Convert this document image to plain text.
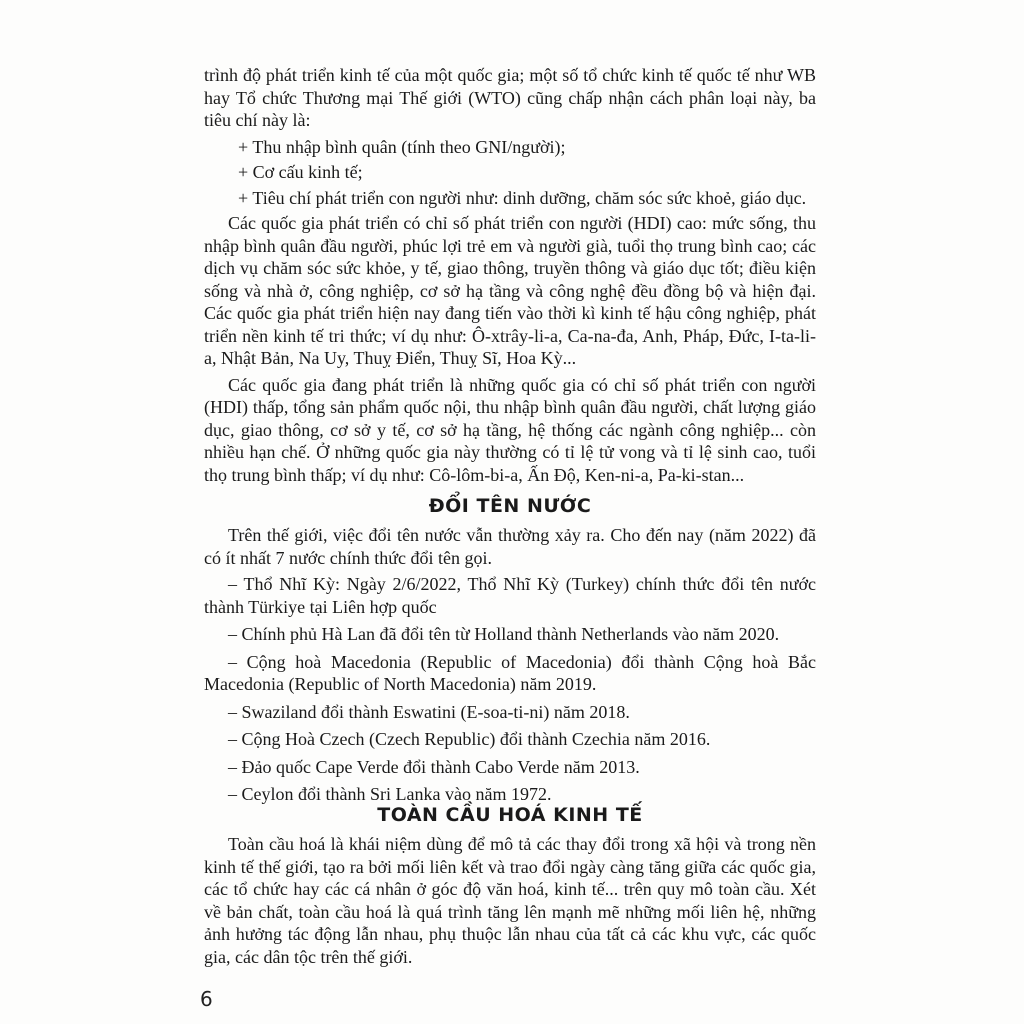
trình độ phát triển kinh tế của một quốc gia; một số tổ chức kinh tế quốc tế như WB hay Tổ chức Thương mại Thế giới (WTO) cũng chấp nhận cách phân loại này, ba tiêu chí này là:

+ Thu nhập bình quân (tính theo GNI/người);

+ Cơ cấu kinh tế;

+ Tiêu chí phát triển con người như: dinh dưỡng, chăm sóc sức khoẻ, giáo dục.

Các quốc gia phát triển có chỉ số phát triển con người (HDI) cao: mức sống, thu nhập bình quân đầu người, phúc lợi trẻ em và người già, tuổi thọ trung bình cao; các dịch vụ chăm sóc sức khỏe, y tế, giao thông, truyền thông và giáo dục tốt; điều kiện sống và nhà ở, công nghiệp, cơ sở hạ tầng và công nghệ đều đồng bộ và hiện đại. Các quốc gia phát triển hiện nay đang tiến vào thời kì kinh tế hậu công nghiệp, phát triển nền kinh tế tri thức; ví dụ như: Ô-xtrây-li-a, Ca-na-đa, Anh, Pháp, Đức, I-ta-li-a, Nhật Bản, Na Uy, Thuỵ Điển, Thuỵ Sĩ, Hoa Kỳ...

Các quốc gia đang phát triển là những quốc gia có chỉ số phát triển con người (HDI) thấp, tổng sản phẩm quốc nội, thu nhập bình quân đầu người, chất lượng giáo dục, giao thông, cơ sở y tế, cơ sở hạ tầng, hệ thống các ngành công nghiệp... còn nhiều hạn chế. Ở những quốc gia này thường có tỉ lệ tử vong và tỉ lệ sinh cao, tuổi thọ trung bình thấp; ví dụ như: Cô-lôm-bi-a, Ấn Độ, Ken-ni-a, Pa-ki-stan...

ĐỔI TÊN NƯỚC

Trên thế giới, việc đổi tên nước vẫn thường xảy ra. Cho đến nay (năm 2022) đã có ít nhất 7 nước chính thức đổi tên gọi.

– Thổ Nhĩ Kỳ: Ngày 2/6/2022, Thổ Nhĩ Kỳ (Turkey) chính thức đổi tên nước thành Türkiye tại Liên hợp quốc

– Chính phủ Hà Lan đã đổi tên từ Holland thành Netherlands vào năm 2020.

– Cộng hoà Macedonia (Republic of Macedonia) đổi thành Cộng hoà Bắc Macedonia (Republic of North Macedonia) năm 2019.

– Swaziland đổi thành Eswatini (E-soa-ti-ni) năm 2018.

– Cộng Hoà Czech (Czech Republic) đổi thành Czechia năm 2016.

– Đảo quốc Cape Verde đổi thành Cabo Verde năm 2013.

– Ceylon đổi thành Sri Lanka vào năm 1972.

TOÀN CẦU HOÁ KINH TẾ

Toàn cầu hoá là khái niệm dùng để mô tả các thay đổi trong xã hội và trong nền kinh tế thế giới, tạo ra bởi mối liên kết và trao đổi ngày càng tăng giữa các quốc gia, các tổ chức hay các cá nhân ở góc độ văn hoá, kinh tế... trên quy mô toàn cầu. Xét về bản chất, toàn cầu hoá là quá trình tăng lên mạnh mẽ những mối liên hệ, những ảnh hưởng tác động lẫn nhau, phụ thuộc lẫn nhau của tất cả các khu vực, các quốc gia, các dân tộc trên thế giới.

6
